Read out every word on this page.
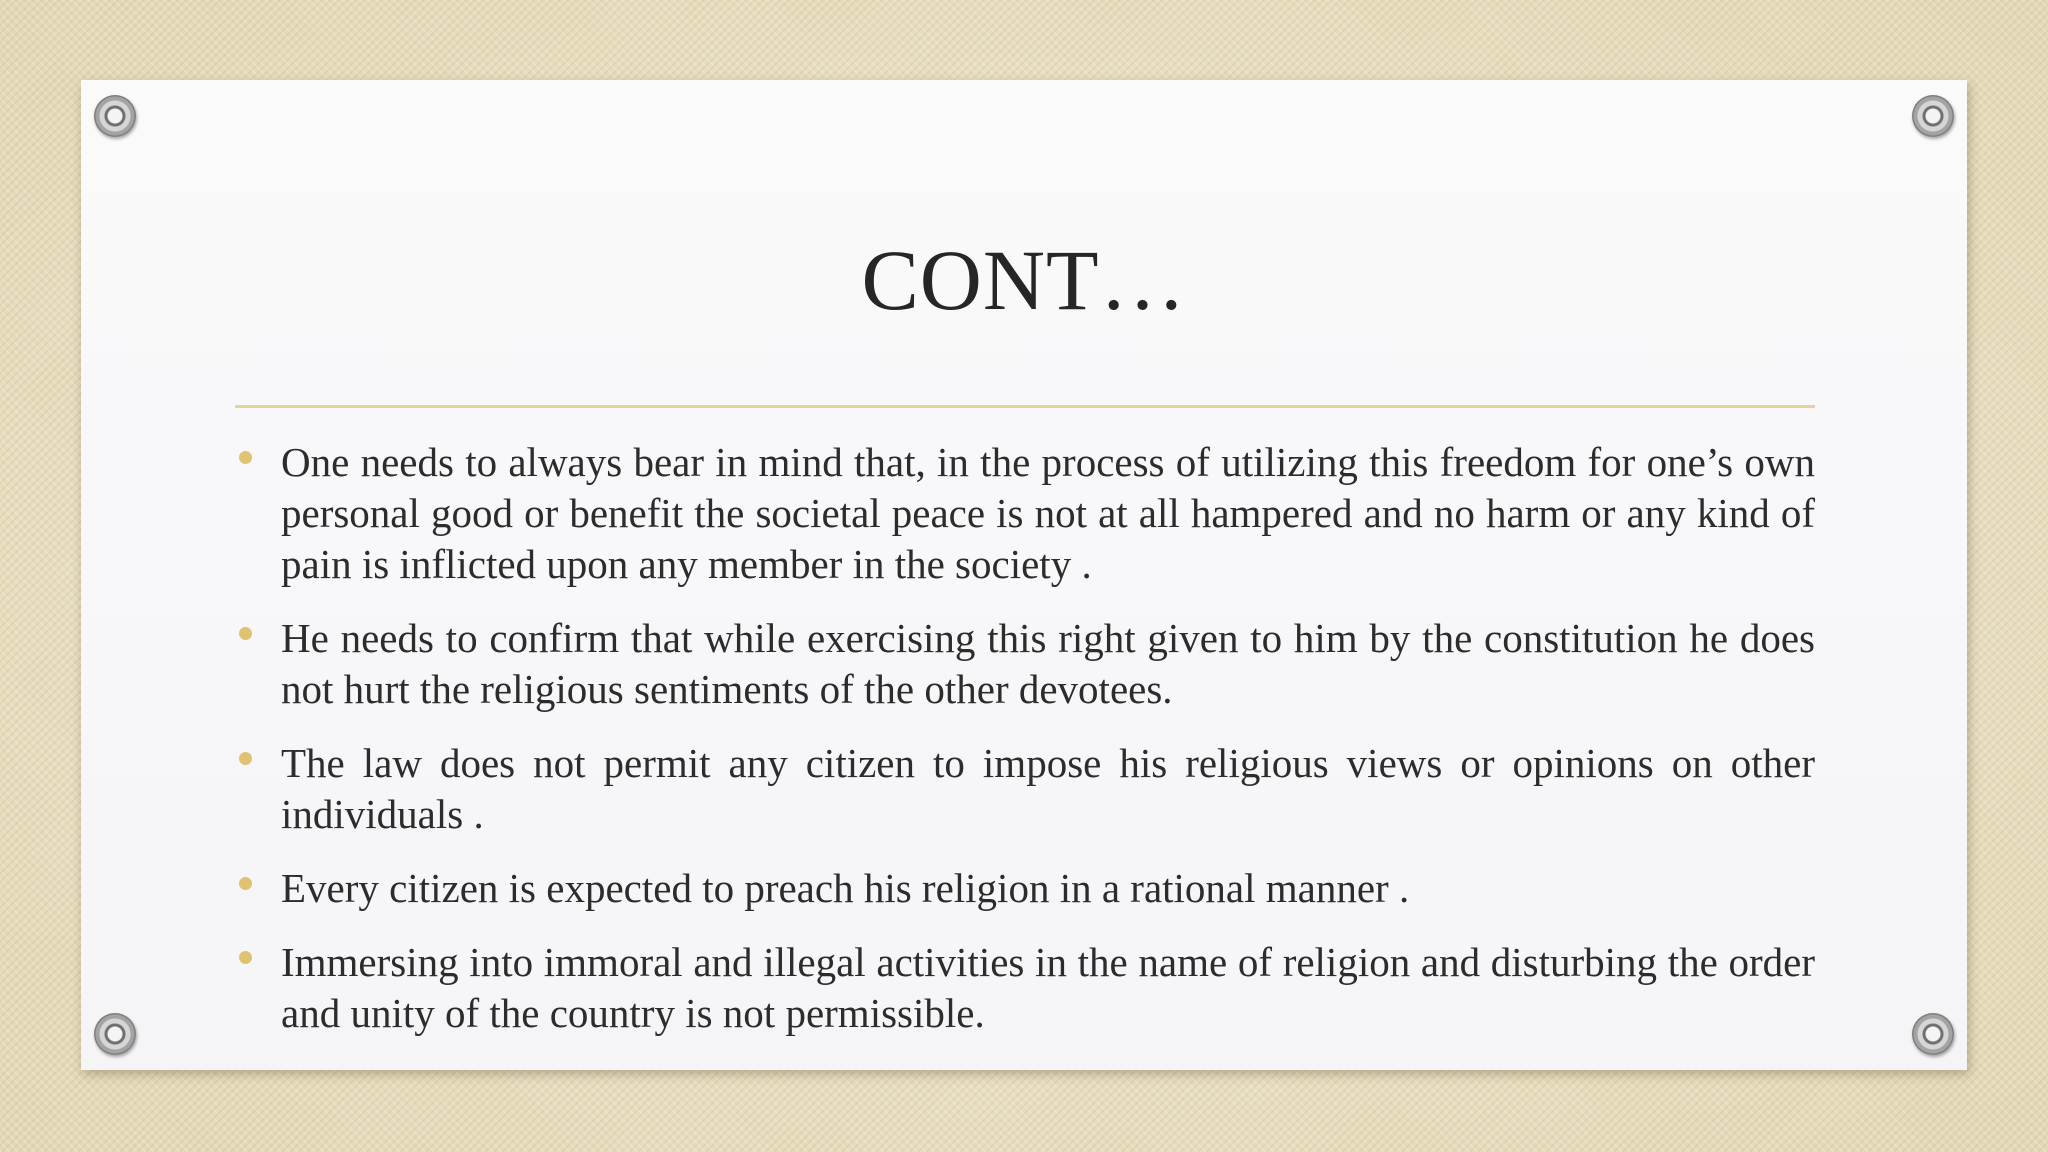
CONT…
One needs to always bear in mind that, in the process of utilizing this freedom for one’s own personal good or benefit the societal peace is not at all hampered and no harm or any kind of pain is inflicted upon any member in the society .
He needs to confirm that while exercising this right given to him by the constitution he does not hurt the religious sentiments of the other devotees.
The law does not permit any citizen to impose his religious views or opinions on other individuals .
Every citizen is expected to preach his religion in a rational manner .
Immersing into immoral and illegal activities in the name of religion and disturbing the order and unity of the country is not permissible.
